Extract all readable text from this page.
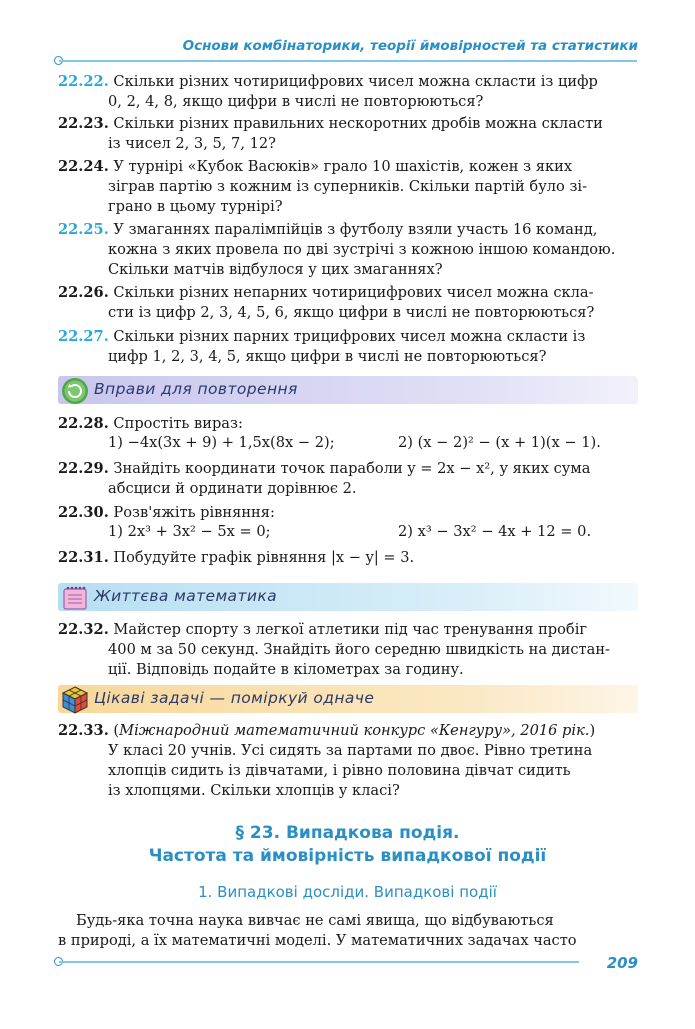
Основи комбінаторики, теорії ймовірностей та статистики
22.22. Скільки різних чотирицифрових чисел можна скласти із цифр
0, 2, 4, 8, якщо цифри в числі не повторюються?
22.23. Скільки різних правильних нескоротних дробів можна скласти
із чисел 2, 3, 5, 7, 12?
22.24. У турнірі «Кубок Васюків» грало 10 шахістів, кожен з яких
зіграв партію з кожним із суперників. Скільки партій було зі-
грано в цьому турнірі?
22.25. У змаганнях паралімпійців з футболу взяли участь 16 команд,
кожна з яких провела по дві зустрічі з кожною іншою командою.
Скільки матчів відбулося у цих змаганнях?
22.26. Скільки різних непарних чотирицифрових чисел можна скла-
сти із цифр 2, 3, 4, 5, 6, якщо цифри в числі не повторюються?
22.27. Скільки різних парних трицифрових чисел можна скласти із
цифр 1, 2, 3, 4, 5, якщо цифри в числі не повторюються?
Вправи для повторення
22.28. Спростіть вираз:
1) −4x(3x + 9) + 1,5x(8x − 2);	2) (x − 2)² − (x + 1)(x − 1).
22.29. Знайдіть координати точок параболи y = 2x − x², у яких сума
абсциси й ординати дорівнює 2.
22.30. Розв'яжіть рівняння:
1) 2x³ + 3x² − 5x = 0;	2) x³ − 3x² − 4x + 12 = 0.
22.31. Побудуйте графік рівняння |x − y| = 3.
Життєва математика
22.32. Майстер спорту з легкої атлетики під час тренування пробіг
400 м за 50 секунд. Знайдіть його середню швидкість на дистан-
ції. Відповідь подайте в кілометрах за годину.
Цікаві задачі — поміркуй одначе
22.33. (Міжнародний математичний конкурс «Кенгуру», 2016 рік.)
У класі 20 учнів. Усі сидять за партами по двоє. Рівно третина
хлопців сидить із дівчатами, і рівно половина дівчат сидить
із хлопцями. Скільки хлопців у класі?
§ 23. Випадкова подія.
Частота та ймовірність випадкової події
1. Випадкові досліди. Випадкові події
Будь-яка точна наука вивчає не самі явища, що відбуваються
в природі, а їх математичні моделі. У математичних задачах часто
209
